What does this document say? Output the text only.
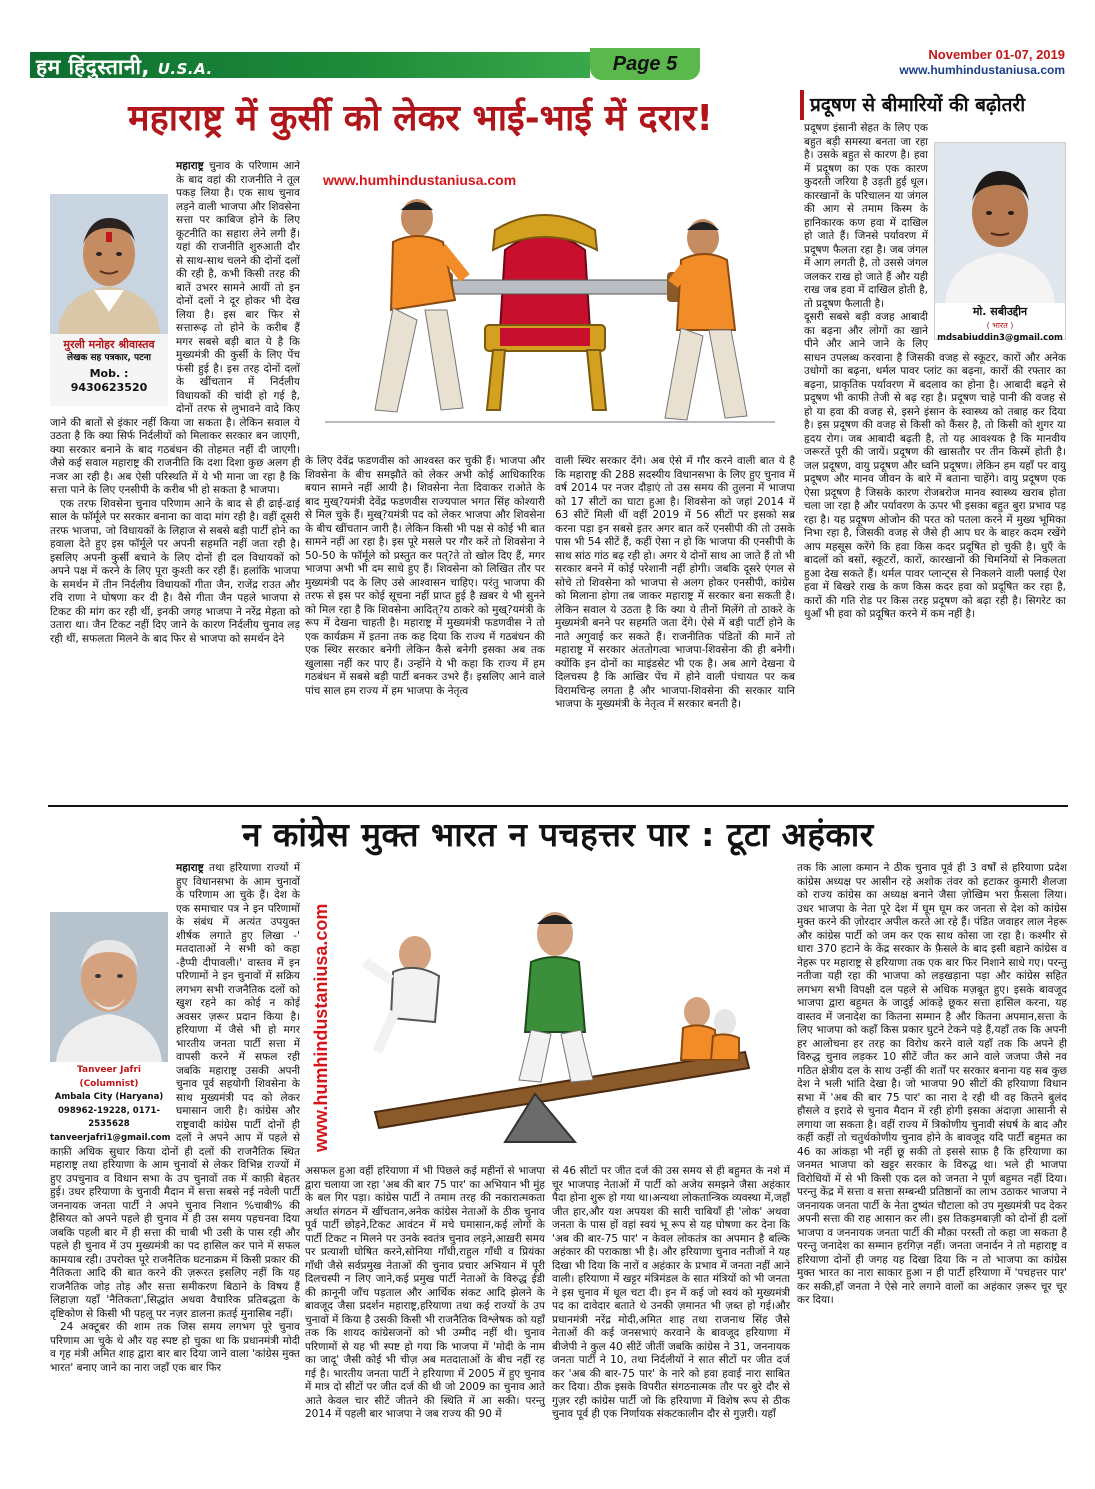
हम हिंदुस्तानी, U.S.A.	Page 5	November 01-07, 2019
www.humhindustaniusa.com
महाराष्ट्र में कुर्सी को लेकर भाई-भाई में दरार!
मुरली मनोहर श्रीवास्तव
लेखक सह पत्रकार, पटना
Mob. : 9430623520
महाराष्ट्र चुनाव के परिणाम आने के बाद वहां की राजनीति ने तूल पकड़ लिया है। एक साथ चुनाव लड़ने वाली भाजपा और शिवसेना सत्ता पर काबिज होने के लिए कूटनीति का सहारा लेने लगी हैं। यहां की राजनीति शुरुआती दौर से साथ-साथ चलने की दोनों दलों की रही है, कभी किसी तरह की बातें उभरर सामने आयीं तो इन दोनों दलों ने दूर होकर भी देख लिया है। इस बार फिर से सत्तारूढ़ तो होने के करीब हैं मगर सबसे बड़ी बात ये है कि मुख्यमंत्री की कुर्सी के लिए पेंच फंसी हुई है। इस तरह दोनों दलों के खींचतान में निर्दलीय विधायकों की चांदी हो गई है, दोनों तरफ से लुभावने वादे किए जाने की बातों से इंकार नहीं किया जा सकता है। लेकिन सवाल ये उठता है कि क्या सिर्फ निर्दलीयों को मिलाकर सरकार बन जाएगी, क्या सरकार बनाने के बाद गठबंधन की तोहमत नहीं दी जाएगी। जैसे कई सवाल महाराष्ट्र की राजनीति कि दशा दिशा कुछ अलग ही नजर आ रही है। अब ऐसी परिस्थति में ये भी माना जा रहा है कि सत्ता पाने के लिए एनसीपी के करीब भी हो सकता है भाजपा।

एक तरफ शिवसेना चुनाव परिणाम आने के बाद से ही ढाई-ढाई साल के फॉर्मूले पर सरकार बनाना का वादा मांग रही है। वहीं दूसरी तरफ भाजपा, जो विधायकों के लिहाज से सबसे बड़ी पार्टी होने का हवाला देते हुए इस फॉर्मूले पर अपनी सहमति नहीं जता रही है। इसलिए अपनी कुर्सी बचाने के लिए दोनों ही दल विधायकों को अपने पक्ष में करने के लिए पूरा कुश्ती कर रही हैं। हलांकि भाजपा के समर्थन में तीन निर्दलीय विधायकों गीता जैन, राजेंद्र राउत और रवि राणा ने घोषणा कर दी है। वैसे गीता जैन पहले भाजपा से टिकट की मांग कर रही थीं, इनकी जगह भाजपा ने नरेंद्र मेहता को उतारा था। जैन टिकट नहीं दिए जाने के कारण निर्दलीय चुनाव लड़ रही थीं, सफलता मिलने के बाद फिर से भाजपा को समर्थन देने

www.humhindustaniusa.com
के लिए देवेंद्र फडणवीस को आश्वस्त कर चुकी हैं। भाजपा और शिवसेना के बीच समझौते को लेकर अभी कोई आधिकारिक बयान सामने नहीं आयी है। शिवसेना नेता दिवाकर राओते के बाद मुख्?यमंत्री देवेंद्र फडणवीस राज्यपाल भगत सिंह कोश्यारी से मिल चुके हैं। मुख्?यमंत्री पद को लेकर भाजपा और शिवसेना के बीच खींचतान जारी है। लेकिन किसी भी पक्ष से कोई भी बात सामने नहीं आ रहा है। इस पूरे मसले पर गौर करें तो शिवसेना ने 50-50 के फॉर्मूले को प्रस्तुत कर पत्?ते तो खोल दिए हैं, मगर भाजपा अभी भी दम साधे हुए हैं। शिवसेना को लिखित तौर पर मुख्यमंत्री पद के लिए उसे आश्वासन चाहिए। परंतु भाजपा की तरफ से इस पर कोई सूचना नहीं प्राप्त हुई है ख़बर ये भी सुनने को मिल रहा है कि शिवसेना आदित्?य ठाकरे को मुख्?यमंत्री के रूप में देखना चाहती है। महाराष्ट्र में मुख्यमंत्री फडणवीस ने तो एक कार्यक्रम में इतना तक कह दिया कि राज्य में गठबंधन की एक स्थिर सरकार बनेगी लेकिन कैसे बनेगी इसका अब तक खुलासा नहीं कर पाए हैं। उन्होंने ये भी कहा कि राज्य में हम गठबंधन में सबसे बड़ी पार्टी बनकर उभरे हैं। इसलिए आने वाले पांच साल हम राज्य में हम भाजपा के नेतृत्व
वाली स्थिर सरकार देंगे। अब ऐसे में गौर करने वाली बात ये है कि महाराष्ट्र की 288 सदस्यीय विधानसभा के लिए हुए चुनाव में वर्ष 2014 पर नजर दौड़ाएं तो उस समय की तुलना में भाजपा को 17 सीटों का घाटा हुआ है। शिवसेना को जहां 2014 में 63 सीटें मिली थीं वहीं 2019 में 56 सीटों पर इसको सब्र करना पड़ा इन सबसे इतर अगर बात करें एनसीपी की तो उसके पास भी 54 सीटें हैं, कहीं ऐसा न हो कि भाजपा की एनसीपी के साथ सांठ गांठ बढ़ रही हो। अगर ये दोनों साथ आ जाते हैं तो भी सरकार बनने में कोई परेशानी नहीं होगी। जबकि दूसरे एंगल से सोचे तो शिवसेना को भाजपा से अलग होकर एनसीपी, कांग्रेस को मिलाना होगा तब जाकर महाराष्ट्र में सरकार बना सकती है। लेकिन सवाल ये उठता है कि क्या ये तीनों मिलेंगे तो ठाकरे के मुख्यमंत्री बनने पर सहमति जता देंगे। ऐसे में बड़ी पार्टी होने के नाते अगुवाई कर सकते हैं। राजनीतिक पंडितों की मानें तो महाराष्ट्र में सरकार अंततोगत्वा भाजपा-शिवसेना की ही बनेगी। क्योंकि इन दोनों का माइंडसेट भी एक है। अब आगे देखना ये दिलचस्प है कि आखिर पेंच में होने वाली पंचायत पर कब विरामचिन्ह लगता है और भाजपा-शिवसेना की सरकार यानि भाजपा के मुख्यमंत्री के नेतृत्व में सरकार बनती है।
प्रदूषण से बीमारियों की बढ़ोतरी
मो. सबीउद्दीन
( भारत )
mdsabiuddin3@gmail.com
प्रदूषण इंसानी सेहत के लिए एक बहुत बड़ी समस्या बनता जा रहा है। उसके बहुत से कारण है। हवा में प्रदूषण का एक एक कारण कुदरती जरिया है उड़ती हुई धूल। कारखानों के परिचालन या जंगल की आग से तमाम किस्म के हानिकारक कण हवा में दाखिल हो जाते हैं। जिनसे पर्यावरण में प्रदूषण फैलता रहा है। जब जंगल में आग लगती है, तो उससे जंगल जलकर राख हो जाते हैं और यही राख जब हवा में दाखिल होती है, तो प्रदूषण फैलाती है।

दूसरी सबसे बड़ी वजह आबादी का बढ़ना और लोगों का खाने पीने और आने जाने के लिए साधन उपलब्ध करवाना है जिसकी वजह से स्कूटर, कारों और अनेक उधोगों का बढ़ना, थर्मल पावर प्लांट का बढ़ना, कारों की रफ्तार का बढ़ना, प्राकृतिक पर्यावरण में बदलाव का होना है। आबादी बढ़ने से प्रदूषण भी काफी तेजी से बढ़ रहा है। प्रदूषण चाहे पानी की वजह से हो या हवा की वजह से, इसने इंसान के स्वास्थ्य को तबाह कर दिया है। इस प्रदूषण की वजह से किसी को कैंसर है, तो किसी को शुगर या हृदय रोग। जब आबादी बढ़ती है, तो यह आवश्यक है कि मानवीय जरूरतें पूरी की जायें। प्रदूषण की खासतौर पर तीन किस्में होती है। जल प्रदूषण, वायु प्रदूषण और ध्वनि प्रदूषण। लेकिन हम यहाँ पर वायु प्रदूषण और मानव जीवन के बारे में बताना चाहेंगे। वायु प्रदूषण एक ऐसा प्रदूषण है जिसके कारण रोजबरोज मानव स्वास्थ्य खराब होता चला जा रहा है और पर्यावरण के ऊपर भी इसका बहुत बुरा प्रभाव पड़ रहा है। यह प्रदूषण ओजोन की परत को पतला करने में मुख्य भूमिका निभा रहा है, जिसकी वजह से जैसे ही आप घर के बाहर कदम रखेंगे आप महसूस करेंगे कि हवा किस कदर प्रदूषित हो चुकी है। धुएँ के बादलों को बसों, स्कूटरों, कारों, कारखानों की चिमनियों से निकलता हुआ देख सकते हैं। थर्मल पावर प्लान्ट्स से निकलने वाली फ्लाई ऐश हवा में बिखरे राख के कण किस कदर हवा को प्रदूषित कर रहा है, कारों की गति रोड पर किस तरह प्रदूषण को बढ़ा रही है। सिगरेट का धुआँ भी हवा को प्रदूषित करने में कम नहीं है।

न कांग्रेस मुक्त भारत न पचहत्तर पार : टूटा अहंकार
Tanveer Jafri (Columnist)
Ambala City (Haryana)
098962-19228, 0171-2535628
tanveerjafri1@gmail.com
महाराष्ट्र तथा हरियाणा राज्यों में हुए विधानसभा के आम चुनावों के परिणाम आ चुके हैं। देश के एक समाचार पत्र ने इन परिणामों के संबंध में अत्यंत उपयुक्त शीर्षक लगाते हुए लिखा -' मतदाताओं ने सभी को कहा -हैप्पी दीपावली।' वास्तव में इन परिणामों ने इन चुनावों में सक्रिय लगभग सभी राजनैतिक दलों को खुश रहने का कोई न कोई अवसर ज़रूर प्रदान किया है। हरियाणा में जैसे भी हो मगर भारतीय जनता पार्टी सत्ता में वापसी करने में सफल रही जबकि महाराष्ट्र उसकी अपनी चुनाव पूर्व सहयोगी शिवसेना के साथ मुख्यमंत्री पद को लेकर घमासान जारी है। कांग्रेस और राष्ट्रवादी कांग्रेस पार्टी दोनों ही दलों ने अपने आप में पहले से काफ़ी अधिक सुधार किया दोनों ही दलों की राजनैतिक स्थित महाराष्ट्र तथा हरियाणा के आम चुनावों से लेकर विभिन्न राज्यों में हुए उपचुनाव व विधान सभा के उप चुनावों तक में काफ़ी बेहतर हुई। उधर हरियाणा के चुनावी मैदान में सत्ता सबसे नई नवेली पार्टी जननायक जनता पार्टी ने अपने चुनाव निशान %चाबी% की हैसियत को अपने पहले ही चुनाव में ही उस समय पहचनवा दिया जबकि पहली बार में ही सत्ता की चाबी भी उसी के पास रही और पहले ही चुनाव में उप मुख्यमंत्री का पद हासिल कर पाने में सफल कामयाब रही। उपरोक्त पूरे राजनैतिक घटनाक्रम में किसी प्रकार की नैतिकता आदि की बात करने की ज़रूरत इसलिए नहीं कि यह राजनैतिक जोड़ तोड़ और सत्ता समीकरण बिठाने के विषय हैं लिहाज़ा यहाँ 'नैतिकता',सिद्धांत अथवा वैचारिक प्रतिबद्धता के दृष्टिकोण से किसी भी पहलू पर नज़र डालना क़तई मुनासिब नहीं।

24 अक्टूबर की शाम तक जिस समय लगभग पूरे चुनाव परिणाम आ चुके थे और यह स्पष्ट हो चुका था कि प्रधानमंत्री मोदी व गृह मंत्री अमित शाह द्वारा बार बार दिया जाने वाला 'कांग्रेस मुक्त भारत' बनाए जाने का नारा जहाँ एक बार फिर

www.humhindustaniusa.com
असफल हुआ वहीं हरियाणा में भी पिछले कई महीनों से भाजपा द्वारा चलाया जा रहा 'अब की बार 75 पार' का अभियान भी मुंह के बल गिर पड़ा। कांग्रेस पार्टी ने तमाम तरह की नकारात्मकता अर्थात संगठन में खींचतान,अनेक कांग्रेस नेताओं के ठीक चुनाव पूर्व पार्टी छोड़ने,टिकट आवंटन में मचे घमासान,कई लोगों के पार्टी टिकट न मिलने पर उनके स्वतंत्र चुनाव लड़ने,आख़री समय पर प्रत्याशी घोषित करने,सोनिया गाँधी,राहुल गाँधी व प्रियंका गाँधी जैसे सर्वप्रमुख नेताओं की चुनाव प्रचार अभियान में पूरी दिलचस्पी न लिए जाने,कई प्रमुख पार्टी नेताओं के विरुद्ध ईडी की क़ानूनी जाँच पड़ताल और आर्थिक संकट आदि झेलने के बावजूद जैसा प्रदर्शन महाराष्ट्र,हरियाणा तथा कई राज्यों के उप चुनावों में किया है उसकी किसी भी राजनैतिक विश्लेषक को यहाँ तक कि शायद कांग्रेसजनों को भी उम्मीद नहीं थी। चुनाव परिणामों से यह भी स्पष्ट हो गया कि भाजपा में 'मोदी के नाम का जादू' जैसी कोई भी चीज़ अब मतदाताओं के बीच नहीं रह गई है। भारतीय जनता पार्टी ने हरियाणा में 2005 में हुए चुनाव में मात्र दो सीटों पर जीत दर्ज की थी जो 2009 का चुनाव आते आते केवल चार सीटें जीतने की स्थिति में आ सकी। परन्तु 2014 में पहली बार भाजपा ने जब राज्य की 90 में
से 46 सीटों पर जीत दर्ज की उस समय से ही बहुमत के नशे में चूर भाजपाइ नेताओं में पार्टी को अजेय समझने जैसा अहंकार पैदा होना शुरू हो गया था।अन्यथा लोकतान्त्रिक व्यवस्था में,जहाँ जीत हार,और यश अपयश की सारी चाबियाँ ही 'लोक' अथवा जनता के पास हों वहां स्वयं भू रूप से यह घोषणा कर देना कि 'अब की बार-75 पार' न केवल लोकतंत्र का अपमान है बल्कि अहंकार की पराकाष्ठा भी है। और हरियाणा चुनाव नतीजों ने यह दिखा भी दिया कि नारों व अहंकार के प्रभाव में जनता नहीं आने वाली। हरियाणा में खट्टर मंत्रिमंडल के सात मंत्रियों को भी जनता ने इस चुनाव में धूल चटा दी। इन में कई जो स्वयं को मुख्यमंत्री पद का दावेदार बताते थे उनकी ज़मानत भी ज़ब्त हो गई।और प्रधानमंत्री नरेंद्र मोदी,अमित शाह तथा राजनाथ सिंह जैसे नेताओं की कई जनसभाएं करवाने के बावजूद हरियाणा में बीजेपी ने कुल 40 सीटें जीतीं जबकि कांग्रेस ने 31, जननायक जनता पार्टी ने 10, तथा निर्दलीयों ने सात सीटों पर जीत दर्ज कर 'अब की बार-75 पार' के नारे को हवा हवाई नारा साबित कर दिया। ठीक इसके विपरीत संगठनात्मक तौर पर बुरे दौर से गुज़र रही कांग्रेस पार्टी जो कि हरियाणा में विशेष रूप से ठीक चुनाव पूर्व ही एक निर्णायक संकटकालीन दौर से गुज़री। यहाँ
तक कि आला कमान ने ठीक चुनाव पूर्व ही 3 वर्षों से हरियाणा प्रदेश कांग्रेस अध्यक्ष पर आसीन रहे अशोक तंवर को हटाकर कुमारी शैलजा को राज्य कांग्रेस का अध्यक्ष बनाने जैसा ज़ोखिम भरा फ़ैसला लिया। उधर भाजपा के नेता पूरे देश में घूम घूम कर जनता से देश को कांग्रेस मुक्त करने की ज़ोरदार अपील करते आ रहे हैं। पंडित जवाहर लाल नेहरू और कांग्रेस पार्टी को जम कर एक साथ कोसा जा रहा है। कश्मीर से धारा 370 हटाने के केंद्र सरकार के फ़ैसले के बाद इसी बहाने कांग्रेस व नेहरू पर महाराष्ट्र से हरियाणा तक एक बार फिर निशाने साधे गए। परन्तु नतीजा यही रहा की भाजपा को लड़खड़ाना पड़ा और कांग्रेस सहित लगभग सभी विपक्षी दल पहले से अधिक मज़बूत हुए। इसके बावजूद भाजपा द्वारा बहुमत के जादुई आंकड़े छूकर सत्ता हासिल करना, यह वास्तव में जनादेश का कितना सम्मान है और कितना अपमान,सत्ता के लिए भाजपा को कहाँ किस प्रकार घुटने टेकने पड़े हैं,यहाँ तक कि अपनी हर आलोचना हर तरह का विरोध करने वाले यहाँ तक कि अपने ही विरुद्ध चुनाव लड़कर 10 सीटें जीत कर आने वाले जजपा जैसे नव गठित क्षेत्रीय दल के साथ उन्हीं की शर्तों पर सरकार बनाना यह सब कुछ देश ने भली भांति देखा है। जो भाजपा 90 सीटों की हरियाणा विधान सभा में 'अब की बार 75 पार' का नारा दे रही थी वह कितने बुलंद हौसले व इरादे से चुनाव मैदान में रही होगी इसका अंदाज़ा आसानी से लगाया जा सकता है। वहीं राज्य में त्रिकोणीय चुनावी संघर्ष के बाद और कहीं कहीं तो चतुर्थकोणीय चुनाव होने के बावजूद यदि पार्टी बहुमत का 46 का आंकड़ा भी नहीं छू सकी तो इससे साफ़ है कि हरियाणा का जनमत भाजपा को खट्टर सरकार के विरुद्ध था। भले ही भाजपा विरोधियों में से भी किसी एक दल को जनता ने पूर्ण बहुमत नहीं दिया। परन्तु केंद्र में सत्ता व सत्ता सम्बन्धी प्रतिष्ठानों का लाभ उठाकर भाजपा ने जननायक जनता पार्टी के नेता दुष्यंत चौटाला को उप मुख्यमंत्री पद देकर अपनी सत्ता की राह आसान कर ली। इस तिकड़मबाज़ी को दोनों ही दलों भाजपा व जननायक जनता पार्टी की मौक़ा परस्ती तो कहा जा सकता है परन्तु जनादेश का सम्मान हरगिज़ नहीं। जनता जनार्दन ने तो महाराष्ट्र व हरियाणा दोनों ही जगह यह दिखा दिया कि न तो भाजपा का कांग्रेस मुक्त भारत का नारा साकार हुआ न ही पार्टी हरियाणा में 'पचहत्तर पार' कर सकी,हाँ जनता ने ऐसे नारे लगाने वालों का अहंकार ज़रूर चूर चूर कर दिया।
